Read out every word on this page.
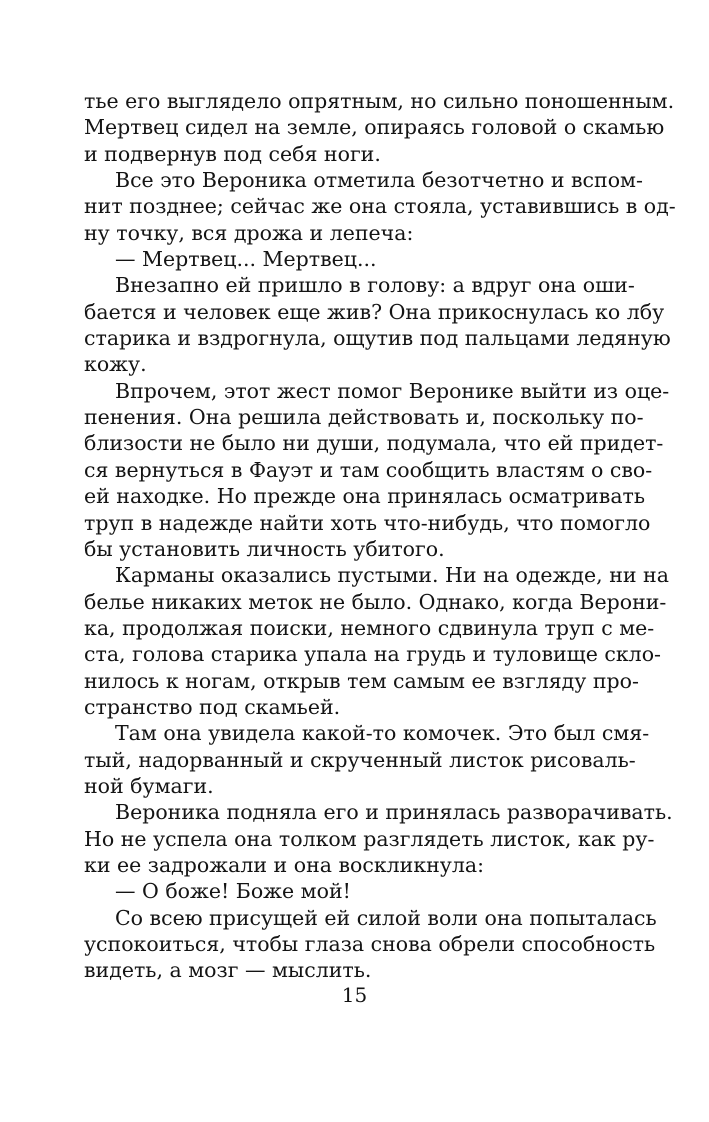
тье его выглядело опрятным, но сильно поношенным.
Мертвец сидел на земле, опираясь головой о скамью
и подвернув под себя ноги.
Все это Вероника отметила безотчетно и вспом-
нит позднее; сейчас же она стояла, уставившись в од-
ну точку, вся дрожа и лепеча:
— Мертвец... Мертвец...
Внезапно ей пришло в голову: а вдруг она оши-
бается и человек еще жив? Она прикоснулась ко лбу
старика и вздрогнула, ощутив под пальцами ледяную
кожу.
Впрочем, этот жест помог Веронике выйти из оце-
пенения. Она решила действовать и, поскольку по-
близости не было ни души, подумала, что ей придет-
ся вернуться в Фауэт и там сообщить властям о сво-
ей находке. Но прежде она принялась осматривать
труп в надежде найти хоть что-нибудь, что помогло
бы установить личность убитого.
Карманы оказались пустыми. Ни на одежде, ни на
белье никаких меток не было. Однако, когда Верони-
ка, продолжая поиски, немного сдвинула труп с ме-
ста, голова старика упала на грудь и туловище скло-
нилось к ногам, открыв тем самым ее взгляду про-
странство под скамьей.
Там она увидела какой-то комочек. Это был смя-
тый, надорванный и скрученный листок рисоваль-
ной бумаги.
Вероника подняла его и принялась разворачивать.
Но не успела она толком разглядеть листок, как ру-
ки ее задрожали и она воскликнула:
— О боже! Боже мой!
Со всею присущей ей силой воли она попыталась
успокоиться, чтобы глаза снова обрели способность
видеть, а мозг — мыслить.
15
